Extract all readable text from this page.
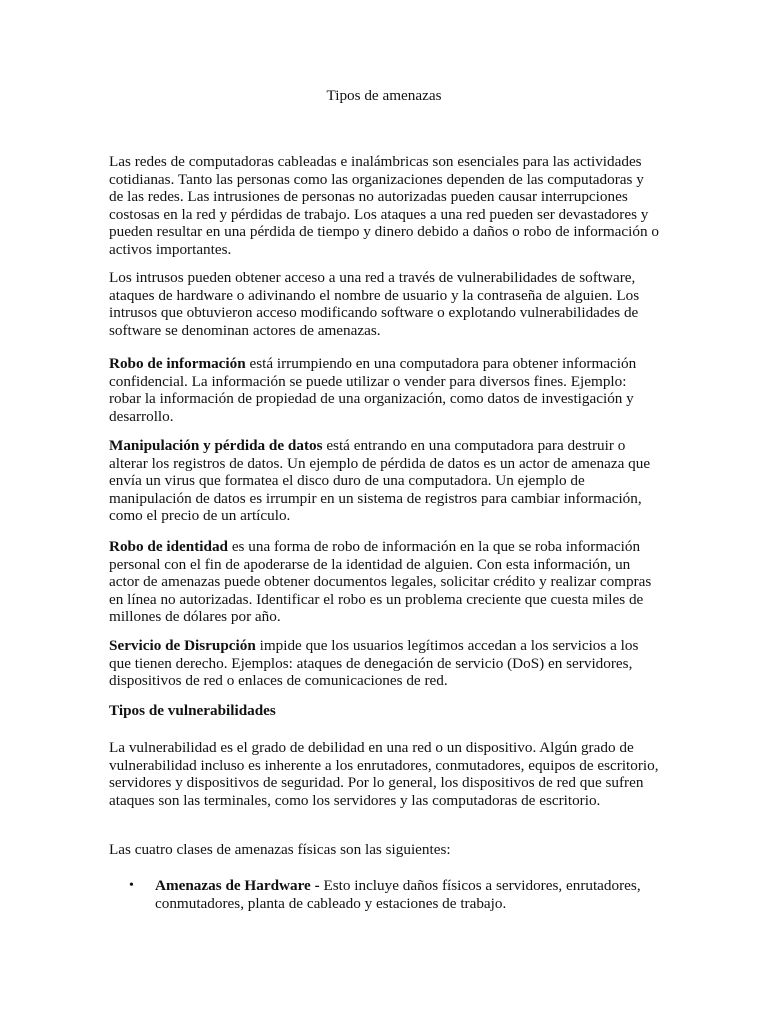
Tipos de amenazas

Las redes de computadoras cableadas e inalámbricas son esenciales para las actividades cotidianas. Tanto las personas como las organizaciones dependen de las computadoras y de las redes. Las intrusiones de personas no autorizadas pueden causar interrupciones costosas en la red y pérdidas de trabajo. Los ataques a una red pueden ser devastadores y pueden resultar en una pérdida de tiempo y dinero debido a daños o robo de información o activos importantes.

Los intrusos pueden obtener acceso a una red a través de vulnerabilidades de software, ataques de hardware o adivinando el nombre de usuario y la contraseña de alguien. Los intrusos que obtuvieron acceso modificando software o explotando vulnerabilidades de software se denominan actores de amenazas.

Robo de información está irrumpiendo en una computadora para obtener información confidencial. La información se puede utilizar o vender para diversos fines. Ejemplo: robar la información de propiedad de una organización, como datos de investigación y desarrollo.

Manipulación y pérdida de datos está entrando en una computadora para destruir o alterar los registros de datos. Un ejemplo de pérdida de datos es un actor de amenaza que envía un virus que formatea el disco duro de una computadora. Un ejemplo de manipulación de datos es irrumpir en un sistema de registros para cambiar información, como el precio de un artículo.

Robo de identidad es una forma de robo de información en la que se roba información personal con el fin de apoderarse de la identidad de alguien. Con esta información, un actor de amenazas puede obtener documentos legales, solicitar crédito y realizar compras en línea no autorizadas. Identificar el robo es un problema creciente que cuesta miles de millones de dólares por año.

Servicio de Disrupción impide que los usuarios legítimos accedan a los servicios a los que tienen derecho. Ejemplos: ataques de denegación de servicio (DoS) en servidores, dispositivos de red o enlaces de comunicaciones de red.

Tipos de vulnerabilidades

La vulnerabilidad es el grado de debilidad en una red o un dispositivo. Algún grado de vulnerabilidad incluso es inherente a los enrutadores, conmutadores, equipos de escritorio, servidores y dispositivos de seguridad. Por lo general, los dispositivos de red que sufren ataques son las terminales, como los servidores y las computadoras de escritorio.

Las cuatro clases de amenazas físicas son las siguientes:

• Amenazas de Hardware - Esto incluye daños físicos a servidores, enrutadores, conmutadores, planta de cableado y estaciones de trabajo.
